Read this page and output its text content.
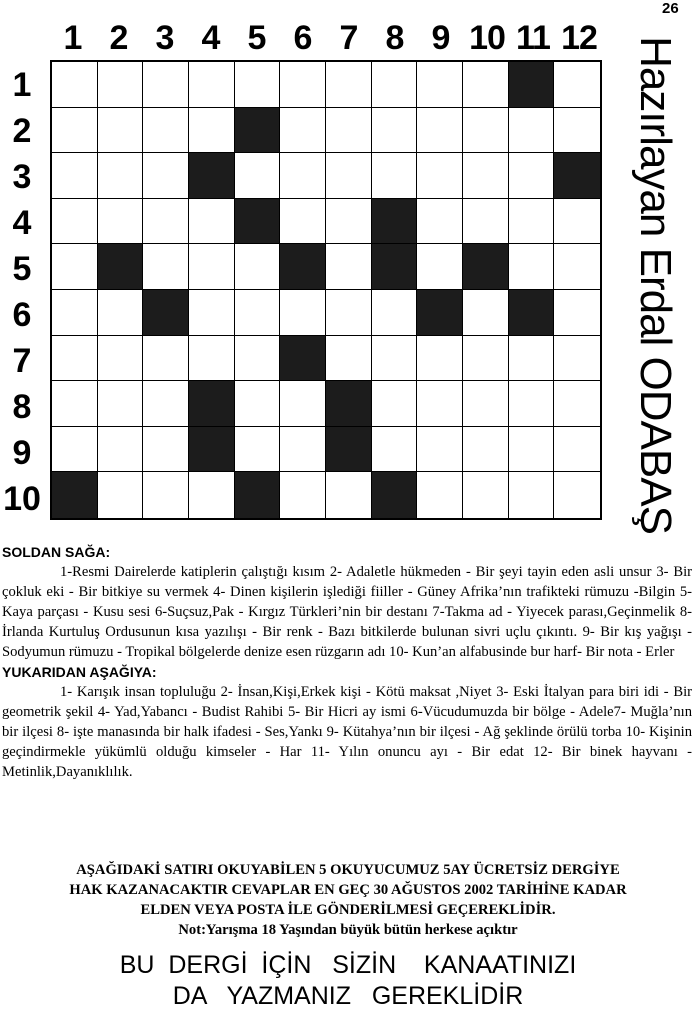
26
1 2 3 4 5 6 7 8 9 10 11 12
1
2
3
4
5
6
7
8
9
10	Hazırlayan Erdal ODABAŞ
SOLDAN SAĞA:

1-Resmi Dairelerde katiplerin çalıştığı kısım 2- Adaletle hükmeden - Bir şeyi tayin eden asli unsur 3- Bir çokluk eki - Bir bitkiye su vermek 4- Dinen kişilerin işlediği fiiller - Güney Afrika’nın trafikteki rümuzu -Bilgin 5- Kaya parçası - Kusu sesi 6-Suçsuz,Pak - Kırgız Türkleri’nin bir destanı 7-Takma ad - Yiyecek parası,Geçinmelik 8- İrlanda Kurtuluş Ordusunun kısa yazılışı - Bir renk - Bazı bitkilerde bulunan sivri uçlu çıkıntı. 9- Bir kış yağışı - Sodyumun rümuzu - Tropikal bölgelerde denize esen rüzgarın adı 10- Kun’an alfabusinde bur harf- Bir nota - Erler

YUKARIDAN AŞAĞIYA:

1- Karışık insan topluluğu 2- İnsan,Kişi,Erkek kişi - Kötü maksat ,Niyet 3- Eski İtalyan para biri idi - Bir geometrik şekil 4- Yad,Yabancı - Budist Rahibi 5- Bir Hicri ay ismi 6-Vücudumuzda bir bölge - Adele7- Muğla’nın bir ilçesi 8- işte manasında bir halk ifadesi - Ses,Yankı 9- Kütahya’nın bir ilçesi - Ağ şeklinde örülü torba 10- Kişinin geçindirmekle yükümlü olduğu kimseler - Har 11- Yılın onuncu ayı - Bir edat 12- Bir binek hayvanı - Metinlik,Dayanıklılık.

AŞAĞIDAKİ SATIRI OKUYABİLEN 5 OKUYUCUMUZ 5AY ÜCRETSİZ DERGİYE
HAK KAZANACAKTIR CEVAPLAR EN GEÇ 30 AĞUSTOS 2002 TARİHİNE KADAR
ELDEN VEYA POSTA İLE GÖNDERİLMESİ GEÇEREKLİDİR.
Not:Yarışma 18 Yaşından büyük bütün herkese açıktır
BU  DERGİ  İÇİN   SİZİN    KANAATINIZI
DA   YAZMANIZ   GEREKLİDİR
